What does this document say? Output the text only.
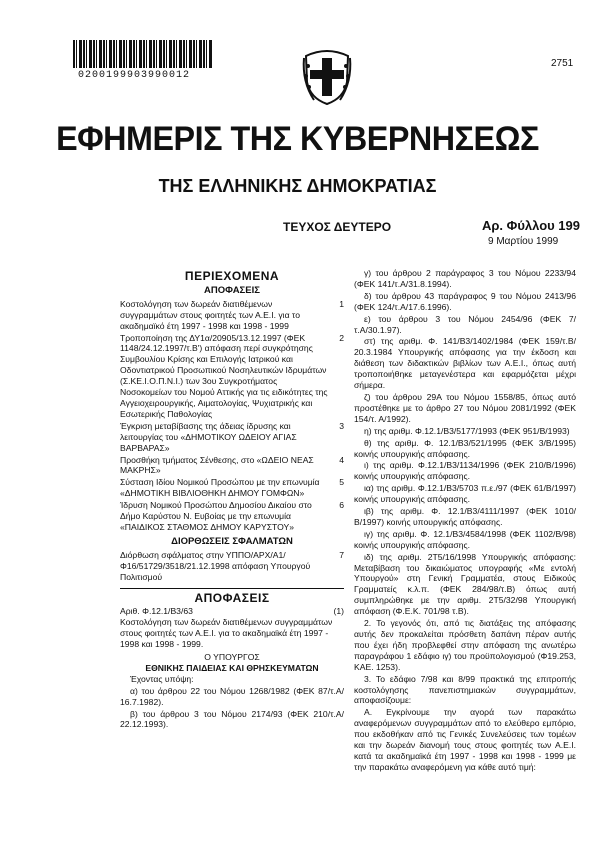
0200199903990012
2751
ΕΦΗΜΕΡΙΣ ΤΗΣ ΚΥΒΕΡΝΗΣΕΩΣ
ΤΗΣ ΕΛΛΗΝΙΚΗΣ ΔΗΜΟΚΡΑΤΙΑΣ
ΤΕΥΧΟΣ ΔΕΥΤΕΡΟ	Αρ. Φύλλου 199
9 Μαρτίου 1999
ΠΕΡΙΕΧΟΜΕΝΑ
ΑΠΟΦΑΣΕΙΣ
Κοστολόγηση των δωρεάν διατιθέμενων συγγραμμάτων στους φοιτητές των Α.Ε.Ι. για το ακαδημαϊκό έτη 1997 - 1998 και 1998 - 1999
1
Τροποποίηση της ΔΥ1α/20905/13.12.1997 (ΦΕΚ 1148/24.12.1997/τ.Β') απόφαση περί συγκρότησης Συμβουλίου Κρίσης και Επιλογής Ιατρικού και Οδοντιατρικού Προσωπικού Νοσηλευτικών Ιδρυμάτων (Σ.ΚΕ.Ι.Ο.Π.Ν.Ι.) των 3ου Συγκροτήματος Νοσοκομείων του Νομού Αττικής για τις ειδικότητες της Αγγειοχειρουργικής, Αιματολογίας, Ψυχιατρικής και Εσωτερικής Παθολογίας
2
Έγκριση μεταβίβασης της άδειας ίδρυσης και λειτουργίας του «ΔΗΜΟΤΙΚΟΥ ΩΔΕΙΟΥ ΑΓΙΑΣ ΒΑΡΒΑΡΑΣ»
3
Προσθήκη τμήματος Σένθεσης, στο «ΩΔΕΙΟ ΝΕΑΣ ΜΑΚΡΗΣ»
4
Σύσταση Ιδίου Νομικού Προσώπου με την επωνυμία «ΔΗΜΟΤΙΚΗ ΒΙΒΛΙΟΘΗΚΗ ΔΗΜΟΥ ΓΟΜΦΩΝ»
5
Ίδρυση Νομικού Προσώπου Δημοσίου Δικαίου στο Δήμο Καρύστου Ν. Ευβοίας με την επωνυμία «ΠΑΙΔΙΚΟΣ ΣΤΑΘΜΟΣ ΔΗΜΟΥ ΚΑΡΥΣΤΟΥ»
6
ΔΙΟΡΘΩΣΕΙΣ ΣΦΑΛΜΑΤΩΝ
Διόρθωση σφάλματος στην ΥΠΠΟ/ΑΡΧ/Α1/Φ16/51729/3518/21.12.1998 απόφαση Υπουργού Πολιτισμού
7
ΑΠΟΦΑΣΕΙΣ
Αριθ. Φ.12.1/Β3/63	(1)
Κοστολόγηση των δωρεάν διατιθέμενων συγγραμμάτων στους φοιτητές των Α.Ε.Ι. για το ακαδημαϊκά έτη 1997 - 1998 και 1998 - 1999.
Ο ΥΠΟΥΡΓΟΣ
ΕΘΝΙΚΗΣ ΠΑΙΔΕΙΑΣ ΚΑΙ ΘΡΗΣΚΕΥΜΑΤΩΝ
Έχοντας υπόψη:
α) του άρθρου 22 του Νόμου 1268/1982 (ΦΕΚ 87/τ.Α/ 16.7.1982).
β) του άρθρου 3 του Νόμου 2174/93 (ΦΕΚ 210/τ.Α/ 22.12.1993).
γ) του άρθρου 2 παράγραφος 3 του Νόμου 2233/94 (ΦΕΚ 141/τ.Α/31.8.1994).
δ) του άρθρου 43 παράγραφος 9 του Νόμου 2413/96 (ΦΕΚ 124/τ.Α/17.6.1996).
ε) του άρθρου 3 του Νόμου 2454/96 (ΦΕΚ 7/τ.Α/30.1.97).
στ) της αριθμ. Φ. 141/Β3/1402/1984 (ΦΕΚ 159/τ.Β/ 20.3.1984 Υπουργικής απόφασης για την έκδοση και διάθεση των διδακτικών βιβλίων των Α.Ε.Ι., όπως αυτή τροποποιήθηκε μεταγενέστερα και εφαρμόζεται μέχρι σήμερα.
ζ) του άρθρου 29Α του Νόμου 1558/85, όπως αυτό προστέθηκε με το άρθρο 27 του Νόμου 2081/1992 (ΦΕΚ 154/τ. Α/1992).
η) της αριθμ. Φ.12.1/Β3/5177/1993 (ΦΕΚ 951/Β/1993)
θ) της αριθμ. Φ. 12.1/Β3/521/1995 (ΦΕΚ 3/Β/1995) κοινής υπουργικής απόφασης.
ι) της αριθμ. Φ.12.1/Β3/1134/1996 (ΦΕΚ 210/Β/1996) κοινής υπουργικής απόφασης.
ια) της αριθμ. Φ.12.1/Β3/5703 π.ε./97 (ΦΕΚ 61/Β/1997) κοινής υπουργικής απόφασης.
ιβ) της αριθμ. Φ. 12.1/Β3/4111/1997 (ΦΕΚ 1010/Β/1997) κοινής υπουργικής απόφασης.
ιγ) της αριθμ. Φ. 12.1/Β3/4584/1998 (ΦΕΚ 1102/Β/98) κοινής υπουργικής απόφασης.
ιδ) της αριθμ. 2Τ5/16/1998 Υπουργικής απόφασης: Μεταβίβαση του δικαιώματος υπογραφής «Με εντολή Υπουργού» στη Γενική Γραμματέα, στους Ειδικούς Γραμματείς κ.λ.π. (ΦΕΚ 284/98/τ.Β) όπως αυτή συμπληρώθηκε με την αριθμ. 2Τ5/32/98 Υπουργική απόφαση (Φ.Ε.Κ. 701/98 τ.Β).
2. Το γεγονός ότι, από τις διατάξεις της απόφασης αυτής δεν προκαλείται πρόσθετη δαπάνη πέραν αυτής που έχει ήδη προβλεφθεί στην απόφαση της ανωτέρω παραγράφου 1 εδάφιο ιγ) του προϋπολογισμού (Φ19.253, ΚΑΕ. 1253).
3. Το εδάφιο 7/98 και 8/99 πρακτικά της επιτροπής κοστολόγησης πανεπιστημιακών συγγραμμάτων, αποφασίζουμε:
Α. Εγκρίνουμε την αγορά των παρακάτω αναφερόμενων συγγραμμάτων από το ελεύθερο εμπόριο, που εκδοθήκαν από τις Γενικές Συνελεύσεις των τομέων και την δωρεάν διανομή τους στους φοιτητές των Α.Ε.Ι. κατά τα ακαδημαϊκά έτη 1997 - 1998 και 1998 - 1999 με την παρακάτω αναφερόμενη για κάθε αυτό τιμή:
